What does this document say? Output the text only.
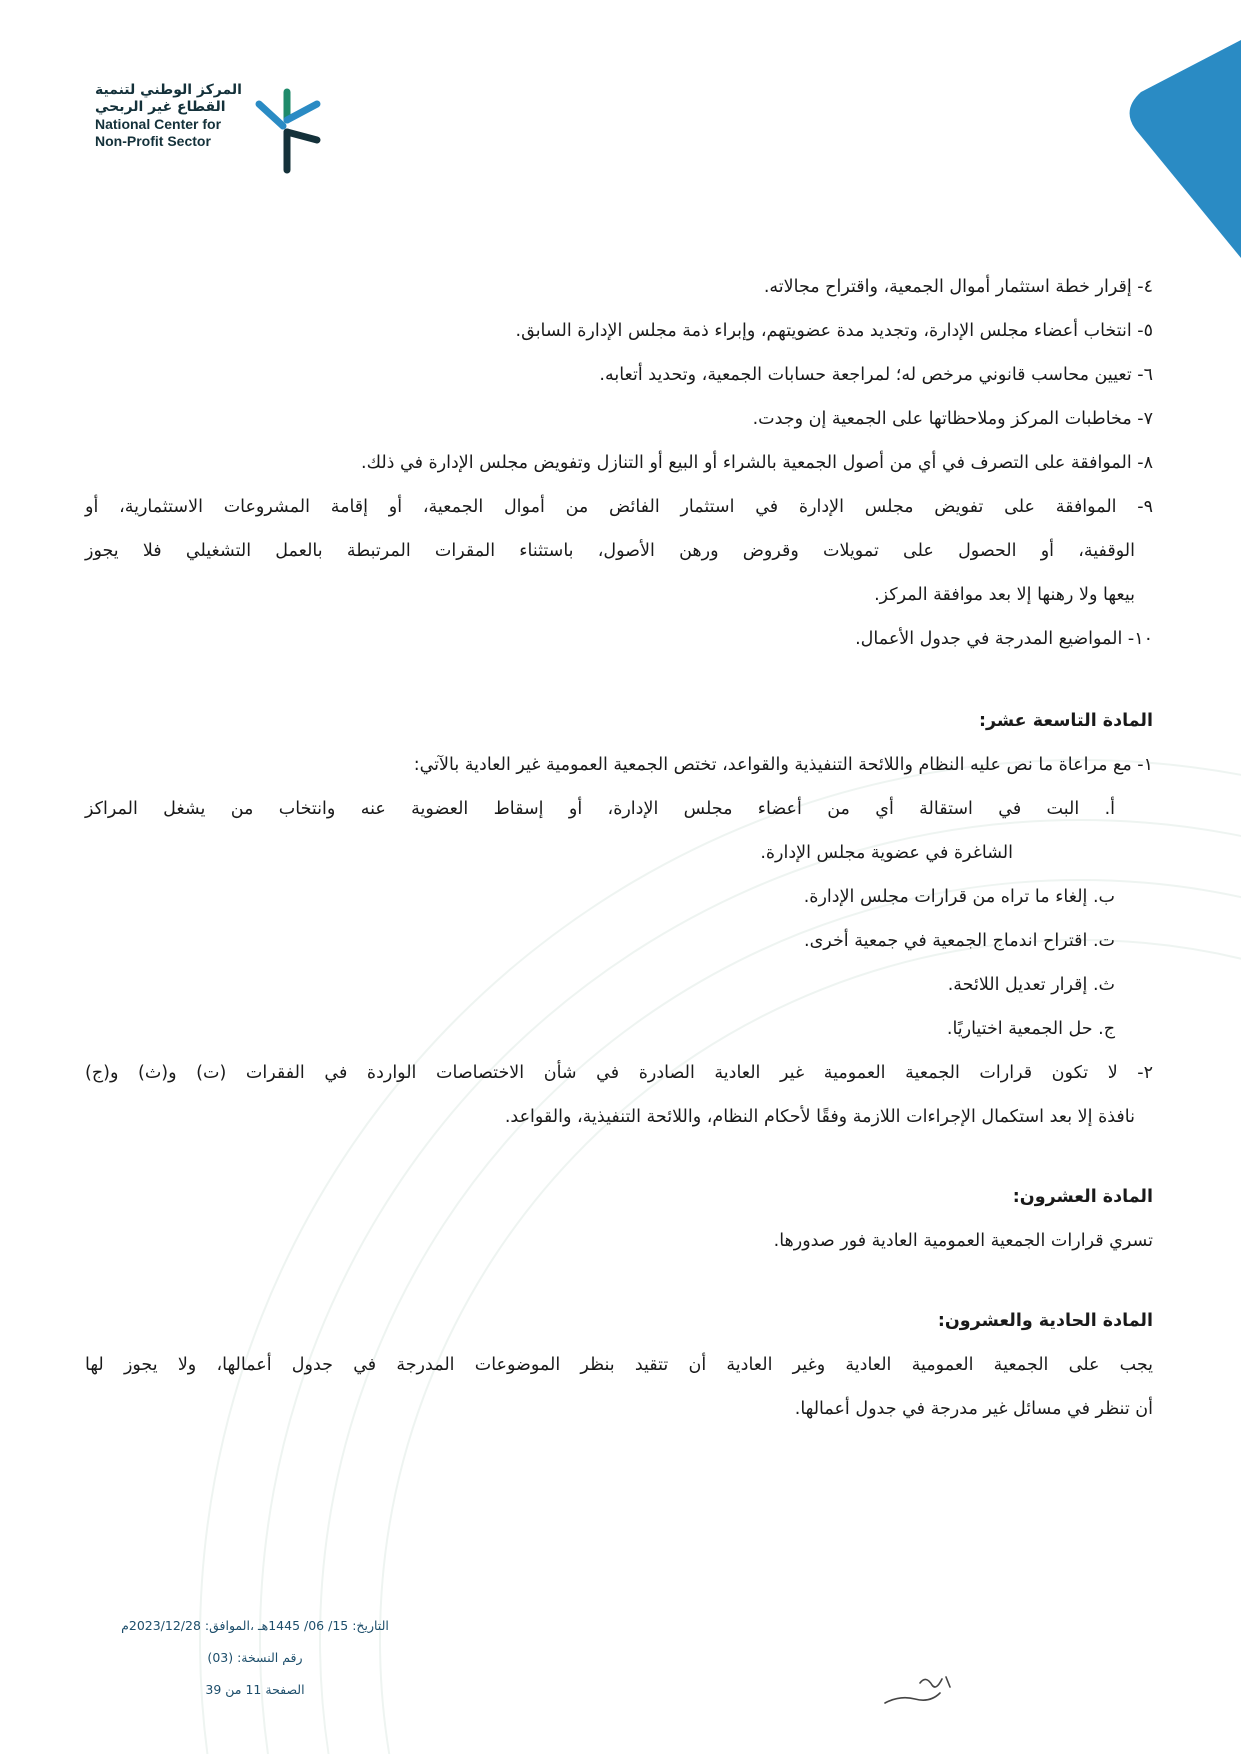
المركز الوطني لتنمية
القطاع غير الربحي
National Center for
Non-Profit Sector

٤- إقرار خطة استثمار أموال الجمعية، واقتراح مجالاته.

٥- انتخاب أعضاء مجلس الإدارة، وتجديد مدة عضويتهم، وإبراء ذمة مجلس الإدارة السابق.

٦- تعيين محاسب قانوني مرخص له؛ لمراجعة حسابات الجمعية، وتحديد أتعابه.

٧- مخاطبات المركز وملاحظاتها على الجمعية إن وجدت.

٨- الموافقة على التصرف في أي من أصول الجمعية بالشراء أو البيع أو التنازل وتفويض مجلس الإدارة في ذلك.

٩- الموافقة على تفويض مجلس الإدارة في استثمار الفائض من أموال الجمعية، أو إقامة المشروعات الاستثمارية، أو

الوقفية، أو الحصول على تمويلات وقروض ورهن الأصول، باستثناء المقرات المرتبطة بالعمل التشغيلي فلا يجوز

بيعها ولا رهنها إلا بعد موافقة المركز.

١٠- المواضيع المدرجة في جدول الأعمال.

المادة التاسعة عشر:

١- مع مراعاة ما نص عليه النظام واللائحة التنفيذية والقواعد، تختص الجمعية العمومية غير العادية بالآتي:

أ. البت في استقالة أي من أعضاء مجلس الإدارة، أو إسقاط العضوية عنه وانتخاب من يشغل المراكز

الشاغرة في عضوية مجلس الإدارة.

ب. إلغاء ما تراه من قرارات مجلس الإدارة.

ت. اقتراح اندماج الجمعية في جمعية أخرى.

ث. إقرار تعديل اللائحة.

ج. حل الجمعية اختياريًا.

٢- لا تكون قرارات الجمعية العمومية غير العادية الصادرة في شأن الاختصاصات الواردة في الفقرات (ت) و(ث) و(ج)

نافذة إلا بعد استكمال الإجراءات اللازمة وفقًا لأحكام النظام، واللائحة التنفيذية، والقواعد.

المادة العشرون:

تسري قرارات الجمعية العمومية العادية فور صدورها.

المادة الحادية والعشرون:

يجب على الجمعية العمومية العادية وغير العادية أن تتقيد بنظر الموضوعات المدرجة في جدول أعمالها، ولا يجوز لها

أن تنظر في مسائل غير مدرجة في جدول أعمالها.

التاريخ: 15/ 06/ 1445هـ ،الموافق: 2023/12/28م
رقم النسخة: (03)
الصفحة 11 من 39
